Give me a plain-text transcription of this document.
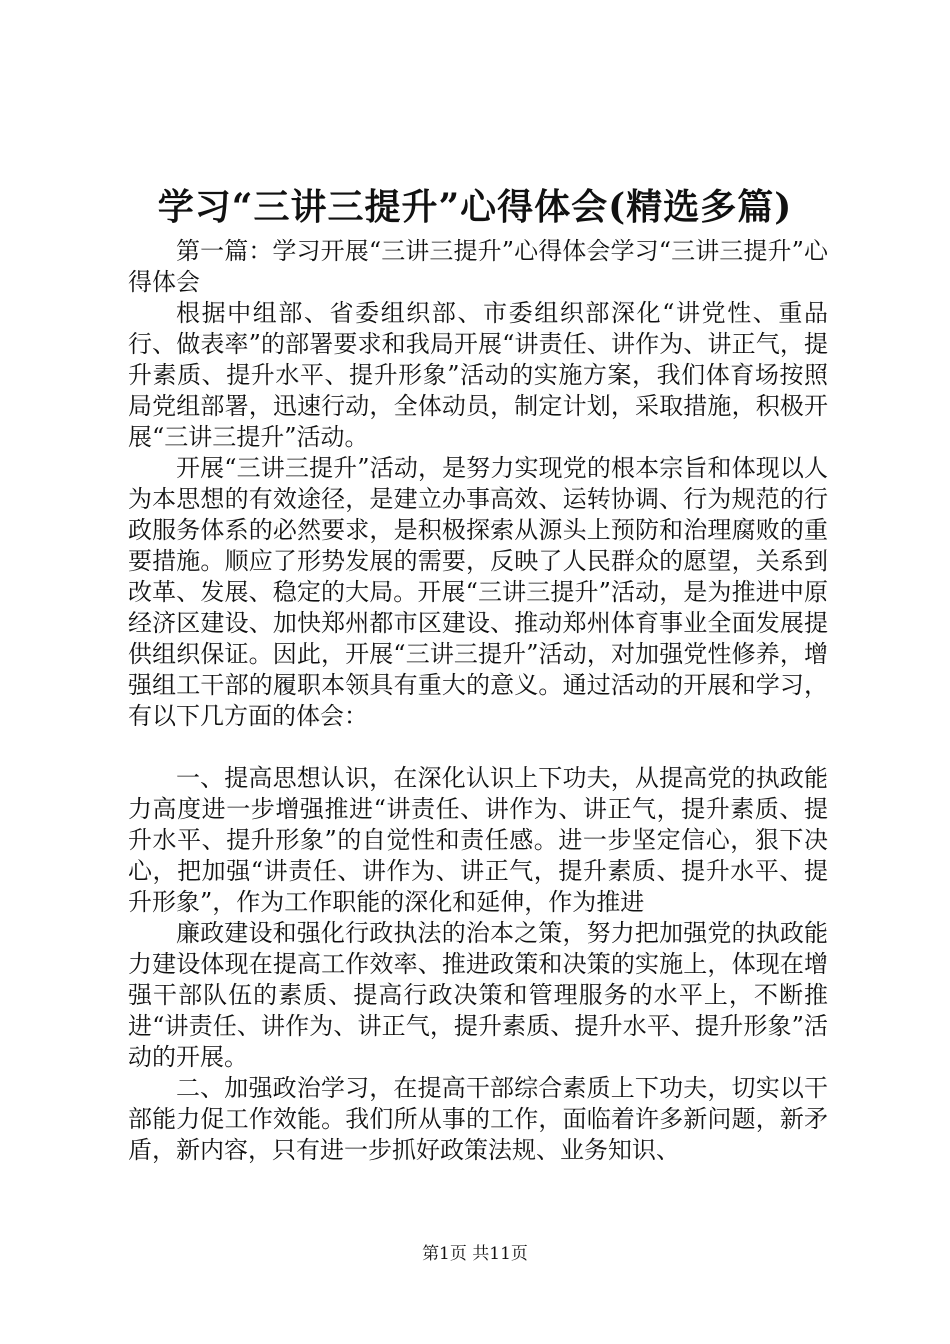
学习“三讲三提升”心得体会(精选多篇)

第一篇：学习开展“三讲三提升”心得体会学习“三讲三提升”心得体会

根据中组部、省委组织部、市委组织部深化“讲党性、重品行、做表率”的部署要求和我局开展“讲责任、讲作为、讲正气，提升素质、提升水平、提升形象”活动的实施方案，我们体育场按照局党组部署，迅速行动，全体动员，制定计划，采取措施，积极开展“三讲三提升”活动。

开展“三讲三提升”活动，是努力实现党的根本宗旨和体现以人为本思想的有效途径，是建立办事高效、运转协调、行为规范的行政服务体系的必然要求，是积极探索从源头上预防和治理腐败的重要措施。顺应了形势发展的需要，反映了人民群众的愿望，关系到改革、发展、稳定的大局。开展“三讲三提升”活动，是为推进中原经济区建设、加快郑州都市区建设、推动郑州体育事业全面发展提供组织保证。因此，开展“三讲三提升”活动，对加强党性修养，增强组工干部的履职本领具有重大的意义。通过活动的开展和学习，有以下几方面的体会：

一、提高思想认识，在深化认识上下功夫，从提高党的执政能力高度进一步增强推进“讲责任、讲作为、讲正气，提升素质、提升水平、提升形象”的自觉性和责任感。进一步坚定信心，狠下决心，把加强“讲责任、讲作为、讲正气，提升素质、提升水平、提升形象”，作为工作职能的深化和延伸，作为推进

廉政建设和强化行政执法的治本之策，努力把加强党的执政能力建设体现在提高工作效率、推进政策和决策的实施上，体现在增强干部队伍的素质、提高行政决策和管理服务的水平上，不断推进“讲责任、讲作为、讲正气，提升素质、提升水平、提升形象”活动的开展。

二、加强政治学习，在提高干部综合素质上下功夫，切实以干部能力促工作效能。我们所从事的工作，面临着许多新问题，新矛盾，新内容，只有进一步抓好政策法规、业务知识、

第1页 共11页
